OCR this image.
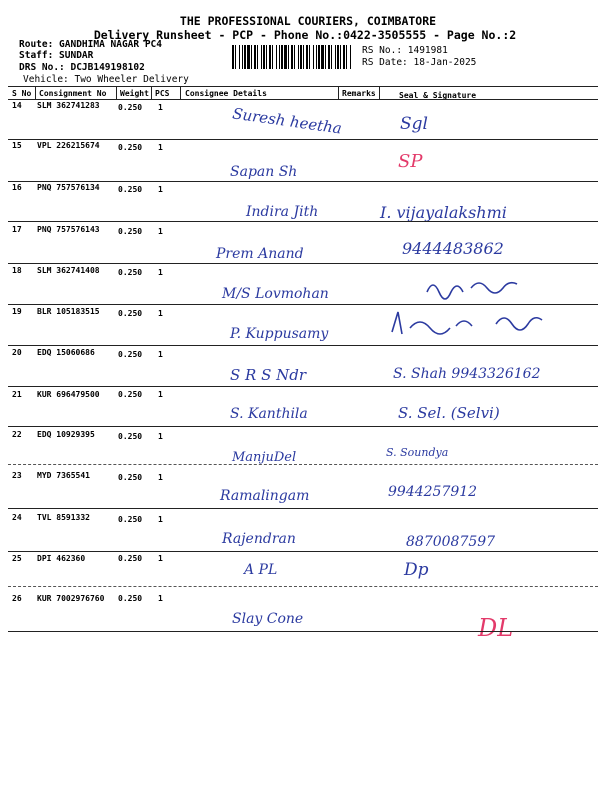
THE PROFESSIONAL COURIERS, COIMBATORE
Delivery Runsheet - PCP - Phone No.:0422-3505555 - Page No.:2
Route: GANDHIMA NAGAR PC4
Staff: SUNDAR
DRS No.: DCJB149198102
Vehicle: Two Wheeler Delivery
RS No.: 1491981
RS Date: 18-Jan-2025
S No Consignment No Weight PCS Consignee Details	Remarks	Seal & Signature
14 SLM 362741283 0.250 1	Suresh heetha	Sgl
15 VPL 226215674 0.250 1
Sapan Sh	SP
16 PNQ 757576134 0.250 1
Indira Jith	I. vijayalakshmi
17 PNQ 757576143 0.250 1
Prem Anand	9444483862
18 SLM 362741408 0.250 1
M/S Lovmohan
19 BLR 105183515 0.250 1
P. Kuppusamy
20 EDQ 15060686	0.250 1
S R S Ndr	S. Shah 9943326162
21 KUR 696479500 0.250 1
S. Kanthila	S. Sel. (Selvi)
22 EDQ 10929395	0.250 1
ManjuDel	S. Soundya
23 MYD 7365541	0.250 1
Ramalingam	9944257912
24 TVL 8591332	0.250 1
Rajendran	8870087597
25 DPI 462360	0.250 1
A PL	Dp
26 KUR 7002976760 0.250 1
Slay Cone	DL
